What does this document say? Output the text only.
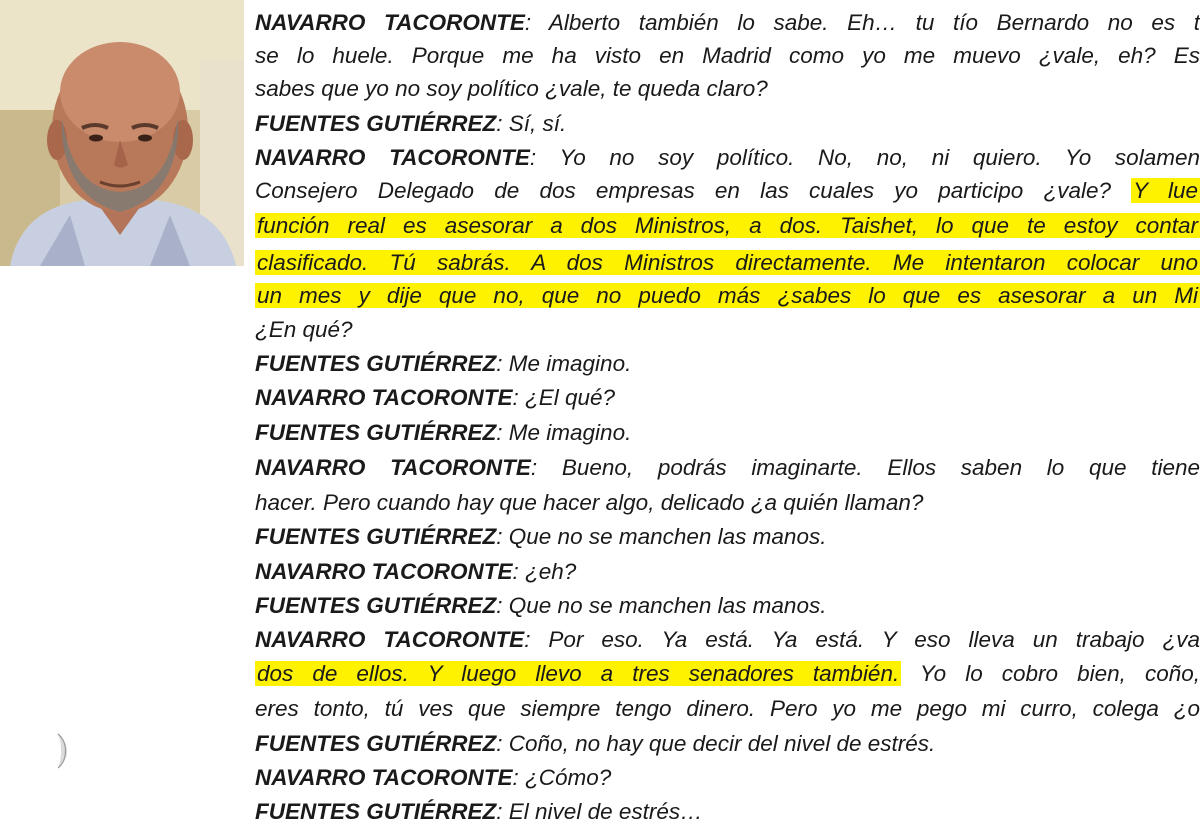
NAVARRO TACORONTE: Alberto también lo sabe. Eh… tu tío Bernardo no es t
se lo huele. Porque me ha visto en Madrid como yo me muevo ¿vale, eh? Es
sabes que yo no soy político ¿vale, te queda claro?
FUENTES GUTIÉRREZ: Sí, sí.
NAVARRO TACORONTE: Yo no soy político. No, no, ni quiero. Yo solamen
Consejero Delegado de dos empresas en las cuales yo participo ¿vale? Y lue
función real es asesorar a dos Ministros, a dos. Taishet, lo que te estoy contar
clasificado. Tú sabrás. A dos Ministros directamente. Me intentaron colocar uno
un mes y dije que no, que no puedo más ¿sabes lo que es asesorar a un Mi
¿En qué?
FUENTES GUTIÉRREZ: Me imagino.
NAVARRO TACORONTE: ¿El qué?
FUENTES GUTIÉRREZ: Me imagino.
NAVARRO TACORONTE: Bueno, podrás imaginarte. Ellos saben lo que tiene
hacer. Pero cuando hay que hacer algo, delicado ¿a quién llaman?
FUENTES GUTIÉRREZ: Que no se manchen las manos.
NAVARRO TACORONTE: ¿eh?
FUENTES GUTIÉRREZ: Que no se manchen las manos.
NAVARRO TACORONTE: Por eso. Ya está. Ya está. Y eso lleva un trabajo ¿va
dos de ellos. Y luego llevo a tres senadores también. Yo lo cobro bien, coño,
eres tonto, tú ves que siempre tengo dinero. Pero yo me pego mi curro, colega ¿o
FUENTES GUTIÉRREZ: Coño, no hay que decir del nivel de estrés.
NAVARRO TACORONTE: ¿Cómo?
FUENTES GUTIÉRREZ: El nivel de estrés…
